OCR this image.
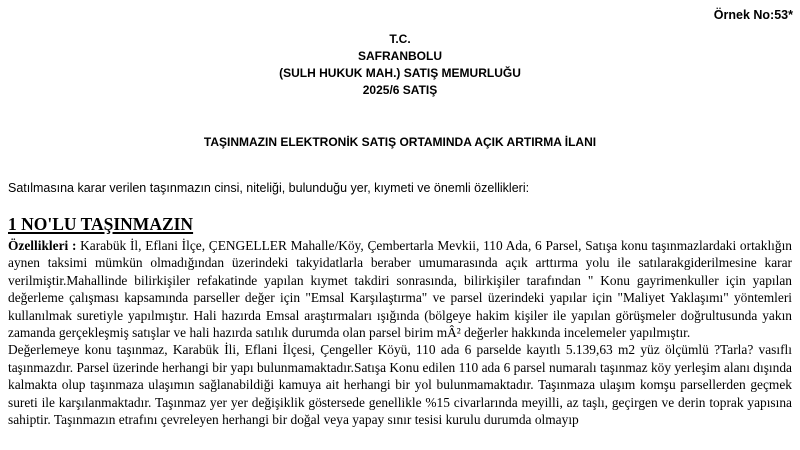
Örnek No:53*
T.C.
SAFRANBOLU
(SULH HUKUK MAH.) SATIŞ MEMURLUĞU
2025/6 SATIŞ
TAŞINMAZIN ELEKTRONİK SATIŞ ORTAMINDA AÇIK ARTIRMA İLANI
Satılmasına karar verilen taşınmazın cinsi, niteliği, bulunduğu yer, kıymeti ve önemli özellikleri:
1 NO'LU TAŞINMAZIN

Özellikleri : Karabük İl, Eflani İlçe, ÇENGELLER Mahalle/Köy, Çembertarla Mevkii, 110 Ada, 6 Parsel, Satışa konu taşınmazlardaki ortaklığın aynen taksimi mümkün olmadığından üzerindeki takyidatlarla beraber umumarasında açık arttırma yolu ile satılarakgiderilmesine karar verilmiştir.Mahallinde bilirkişiler refakatinde yapılan kıymet takdiri sonrasında, bilirkişiler tarafından " Konu gayrimenkuller için yapılan değerleme çalışması kapsamında parseller değer için "Emsal Karşılaştırma" ve parsel üzerindeki yapılar için "Maliyet Yaklaşımı" yöntemleri kullanılmak suretiyle yapılmıştır. Hali hazırda Emsal araştırmaları ışığında (bölgeye hakim kişiler ile yapılan görüşmeler doğrultusunda yakın zamanda gerçekleşmiş satışlar ve hali hazırda satılık durumda olan parsel birim mÂ² değerler hakkında incelemeler yapılmıştır.

Değerlemeye konu taşınmaz, Karabük İli, Eflani İlçesi, Çengeller Köyü, 110 ada 6 parselde kayıtlı 5.139,63 m2 yüz ölçümlü ?Tarla? vasıflı taşınmazdır. Parsel üzerinde herhangi bir yapı bulunmamaktadır.Satışa Konu edilen 110 ada 6 parsel numaralı taşınmaz köy yerleşim alanı dışında kalmakta olup taşınmaza ulaşımın sağlanabildiği kamuya ait herhangi bir yol bulunmamaktadır. Taşınmaza ulaşım komşu parsellerden geçmek sureti ile karşılanmaktadır. Taşınmaz yer yer değişiklik göstersede genellikle %15 civarlarında meyilli, az taşlı, geçirgen ve derin toprak yapısına sahiptir. Taşınmazın etrafını çevreleyen herhangi bir doğal veya yapay sınır tesisi kurulu durumda olmayıp
